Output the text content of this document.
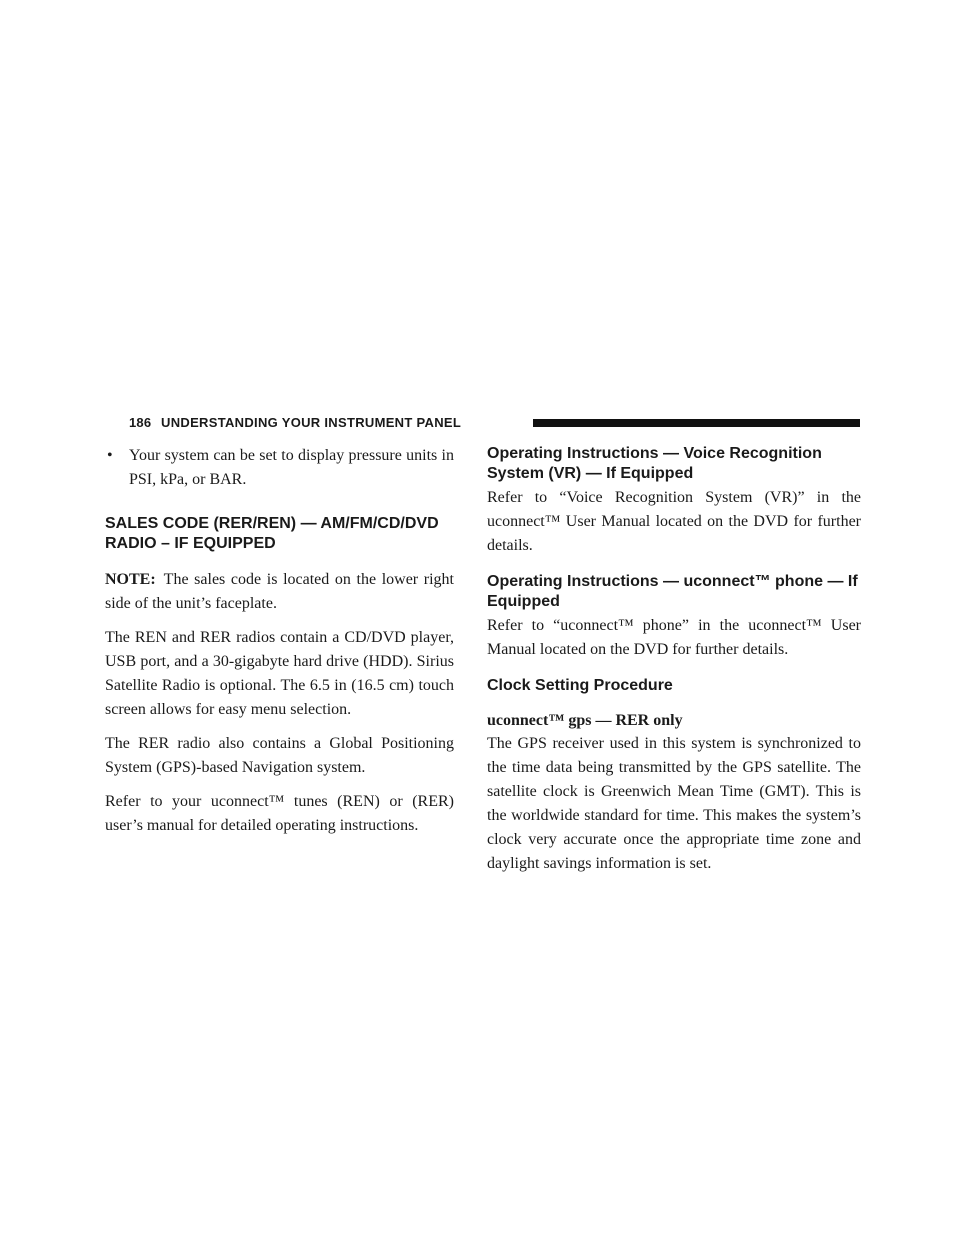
186 UNDERSTANDING YOUR INSTRUMENT PANEL
• Your system can be set to display pressure units in PSI, kPa, or BAR.
SALES CODE (RER/REN) — AM/FM/CD/DVD RADIO – IF EQUIPPED

NOTE: The sales code is located on the lower right side of the unit’s faceplate.

The REN and RER radios contain a CD/DVD player, USB port, and a 30-gigabyte hard drive (HDD). Sirius Satellite Radio is optional. The 6.5 in (16.5 cm) touch screen allows for easy menu selection.

The RER radio also contains a Global Positioning System (GPS)-based Navigation system.

Refer to your uconnect™ tunes (REN) or (RER) user’s manual for detailed operating instructions.

Operating Instructions — Voice Recognition System (VR) — If Equipped

Refer to “Voice Recognition System (VR)” in the uconnect™ User Manual located on the DVD for further details.

Operating Instructions — uconnect™ phone — If Equipped

Refer to “uconnect™ phone” in the uconnect™ User Manual located on the DVD for further details.

Clock Setting Procedure
uconnect™ gps — RER only

The GPS receiver used in this system is synchronized to the time data being transmitted by the GPS satellite. The satellite clock is Greenwich Mean Time (GMT). This is the worldwide standard for time. This makes the system’s clock very accurate once the appropriate time zone and daylight savings information is set.
